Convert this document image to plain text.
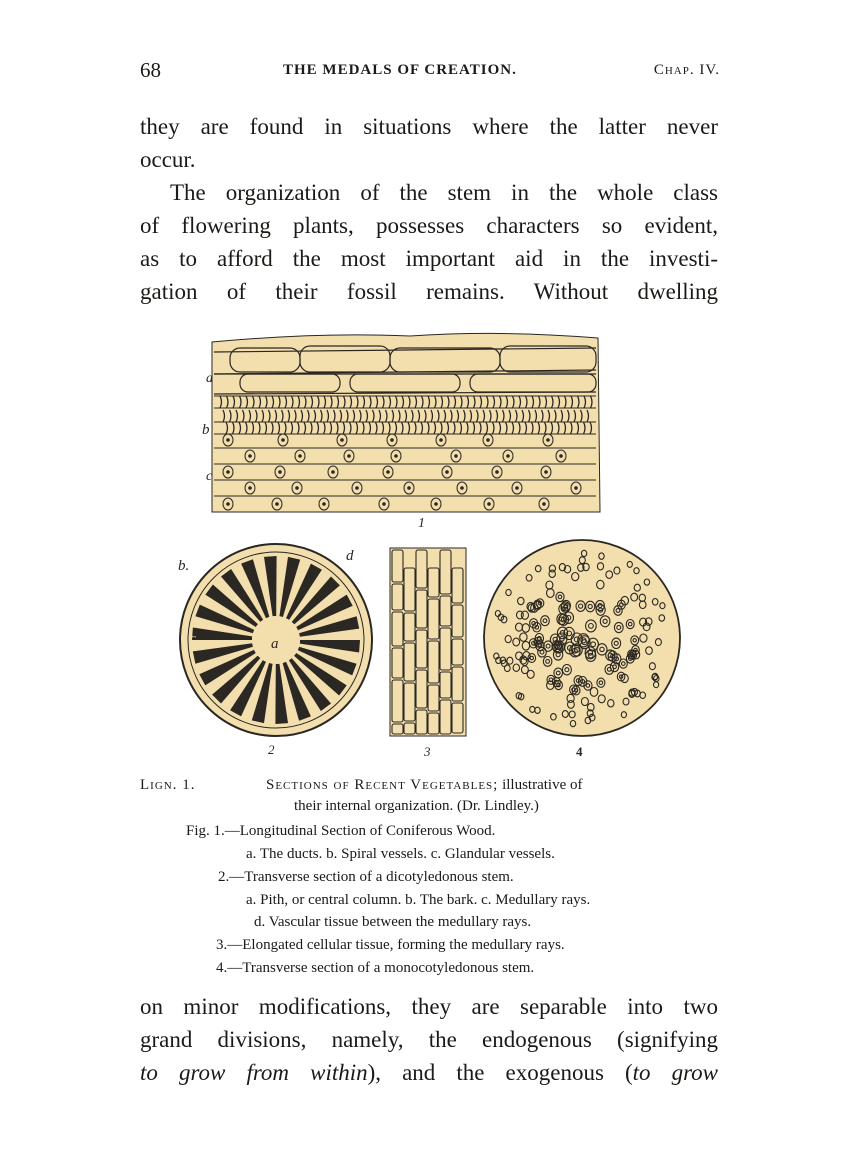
68	THE MEDALS OF CREATION.	Chap. IV.
they are found in situations where the latter never
occur.
The organization of the stem in the whole class
of flowering plants, possesses characters so evident,
as to afford the most important aid in the investi-
gation of their fossil remains. Without dwelling
a
b
c
1
a
b.
c
d
2	3	4
Lign. 1.	Sections of Recent Vegetables; illustrative of
their internal organization. (Dr. Lindley.)
Fig. 1.—Longitudinal Section of Coniferous Wood.
a. The ducts. b. Spiral vessels. c. Glandular vessels.
2.—Transverse section of a dicotyledonous stem.
a. Pith, or central column. b. The bark. c. Medullary rays.
d. Vascular tissue between the medullary rays.
3.—Elongated cellular tissue, forming the medullary rays.
4.—Transverse section of a monocotyledonous stem.
on minor modifications, they are separable into two
grand divisions, namely, the endogenous (signifying
to grow from within), and the exogenous (to grow
